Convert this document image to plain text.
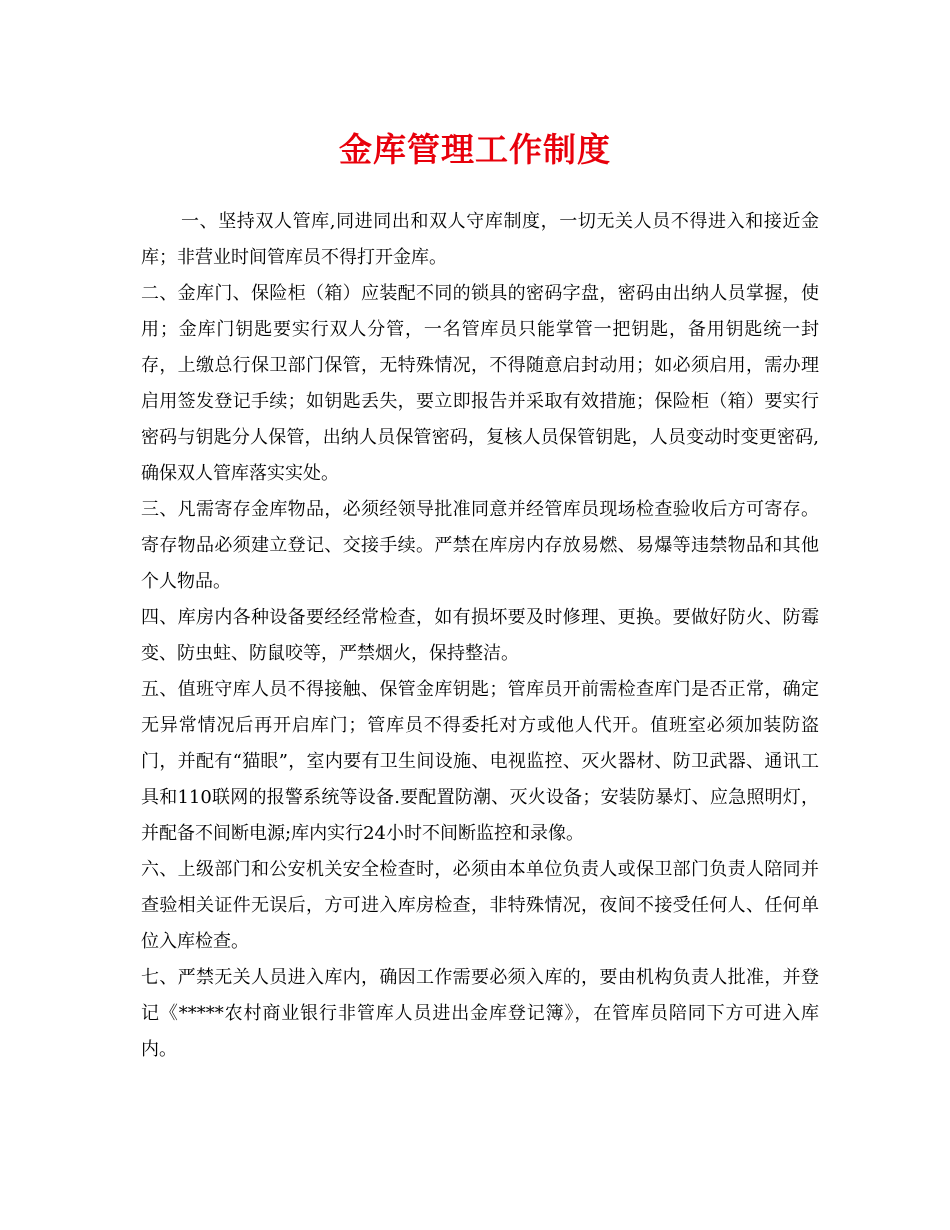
金库管理工作制度

一、坚持双人管库,同进同出和双人守库制度，一切无关人员不得进入和接近金库；非营业时间管库员不得打开金库。

二、金库门、保险柜（箱）应装配不同的锁具的密码字盘，密码由出纳人员掌握，使用；金库门钥匙要实行双人分管，一名管库员只能掌管一把钥匙，备用钥匙统一封存，上缴总行保卫部门保管，无特殊情况，不得随意启封动用；如必须启用，需办理启用签发登记手续；如钥匙丢失，要立即报告并采取有效措施；保险柜（箱）要实行密码与钥匙分人保管，出纳人员保管密码，复核人员保管钥匙，人员变动时变更密码,确保双人管库落实实处。

三、凡需寄存金库物品，必须经领导批准同意并经管库员现场检查验收后方可寄存。寄存物品必须建立登记、交接手续。严禁在库房内存放易燃、易爆等违禁物品和其他个人物品。

四、库房内各种设备要经经常检查，如有损坏要及时修理、更换。要做好防火、防霉变、防虫蛀、防鼠咬等，严禁烟火，保持整洁。

五、值班守库人员不得接触、保管金库钥匙；管库员开前需检查库门是否正常，确定无异常情况后再开启库门；管库员不得委托对方或他人代开。值班室必须加装防盗门，并配有“猫眼”，室内要有卫生间设施、电视监控、灭火器材、防卫武器、通讯工具和110联网的报警系统等设备.要配置防潮、灭火设备；安装防暴灯、应急照明灯，并配备不间断电源;库内实行24小时不间断监控和录像。

六、上级部门和公安机关安全检查时，必须由本单位负责人或保卫部门负责人陪同并查验相关证件无误后，方可进入库房检查，非特殊情况，夜间不接受任何人、任何单位入库检查。

七、严禁无关人员进入库内，确因工作需要必须入库的，要由机构负责人批准，并登记《*****农村商业银行非管库人员进出金库登记簿》，在管库员陪同下方可进入库内。
